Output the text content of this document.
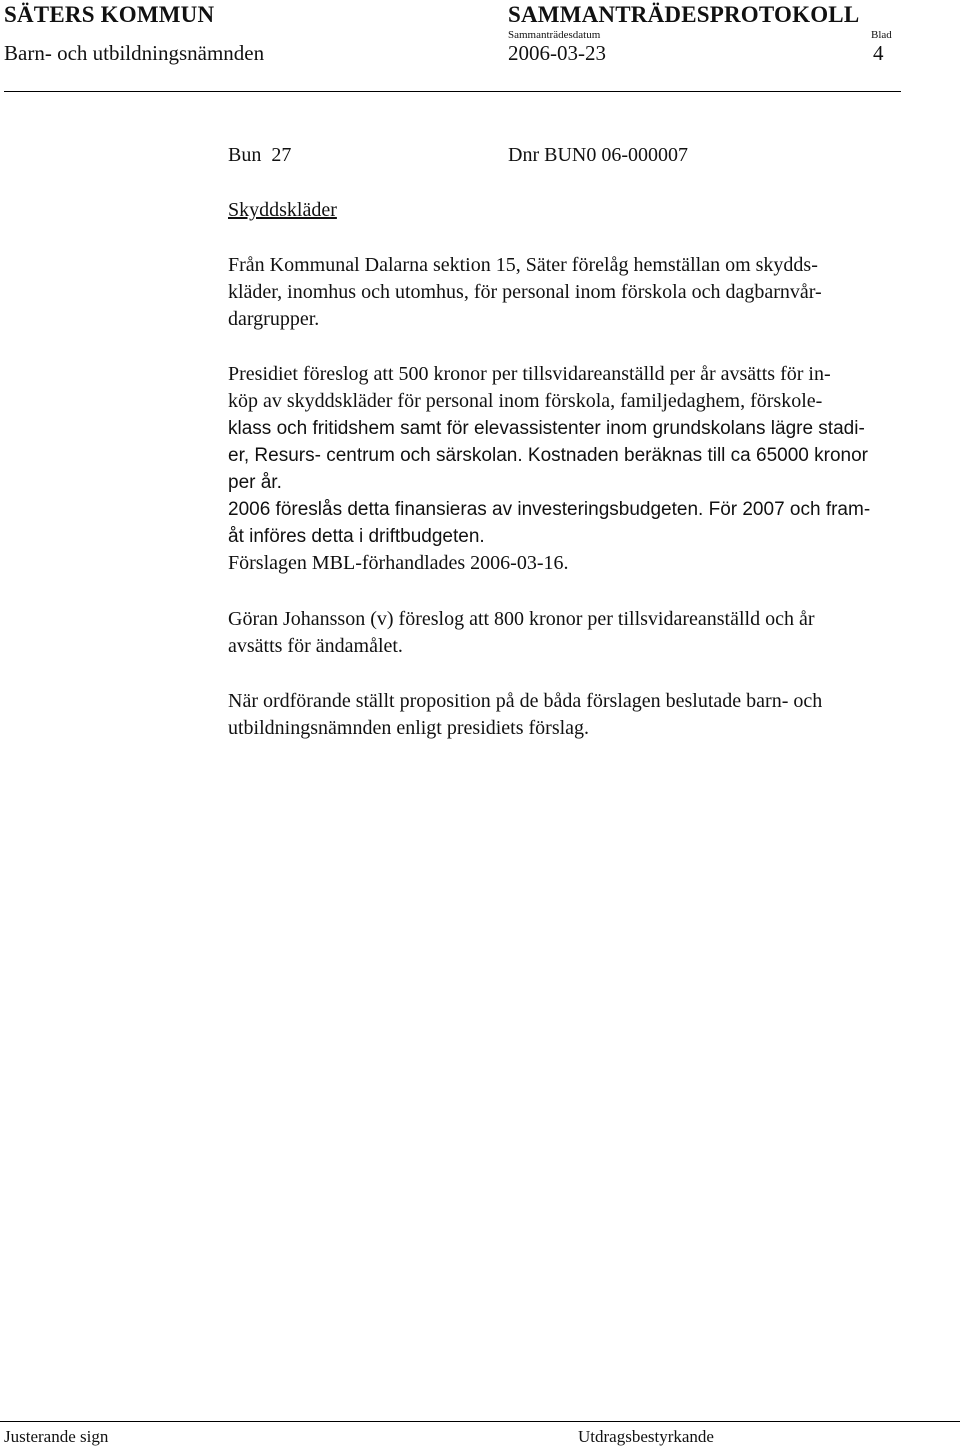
SÄTERS KOMMUN	SAMMANTRÄDESPROTOKOLL
Sammanträdesdatum	Blad
Barn- och utbildningsnämnden	2006-03-23	4
Bun  27	Dnr BUN0 06-000007
Skyddskläder
Från Kommunal Dalarna sektion 15, Säter förelåg hemställan om skydds-
kläder, inomhus och utomhus, för personal inom förskola och dagbarnvår-
dargrupper.
Presidiet föreslog att 500 kronor per tillsvidareanställd per år avsätts för in-
köp av skyddskläder för personal inom förskola, familjedaghem, förskole-
klass och fritidshem samt för elevassistenter inom grundskolans lägre stadi-
er, Resurs- centrum och särskolan. Kostnaden beräknas till ca 65000 kronor
per år.
2006 föreslås detta finansieras av investeringsbudgeten. För 2007 och fram-
åt införes detta i driftbudgeten.
Förslagen MBL-förhandlades 2006-03-16.
Göran Johansson (v) föreslog att 800 kronor per tillsvidareanställd och år
avsätts för ändamålet.
När ordförande ställt proposition på de båda förslagen beslutade barn- och
utbildningsnämnden enligt presidiets förslag.
Justerande sign	Utdragsbestyrkande
